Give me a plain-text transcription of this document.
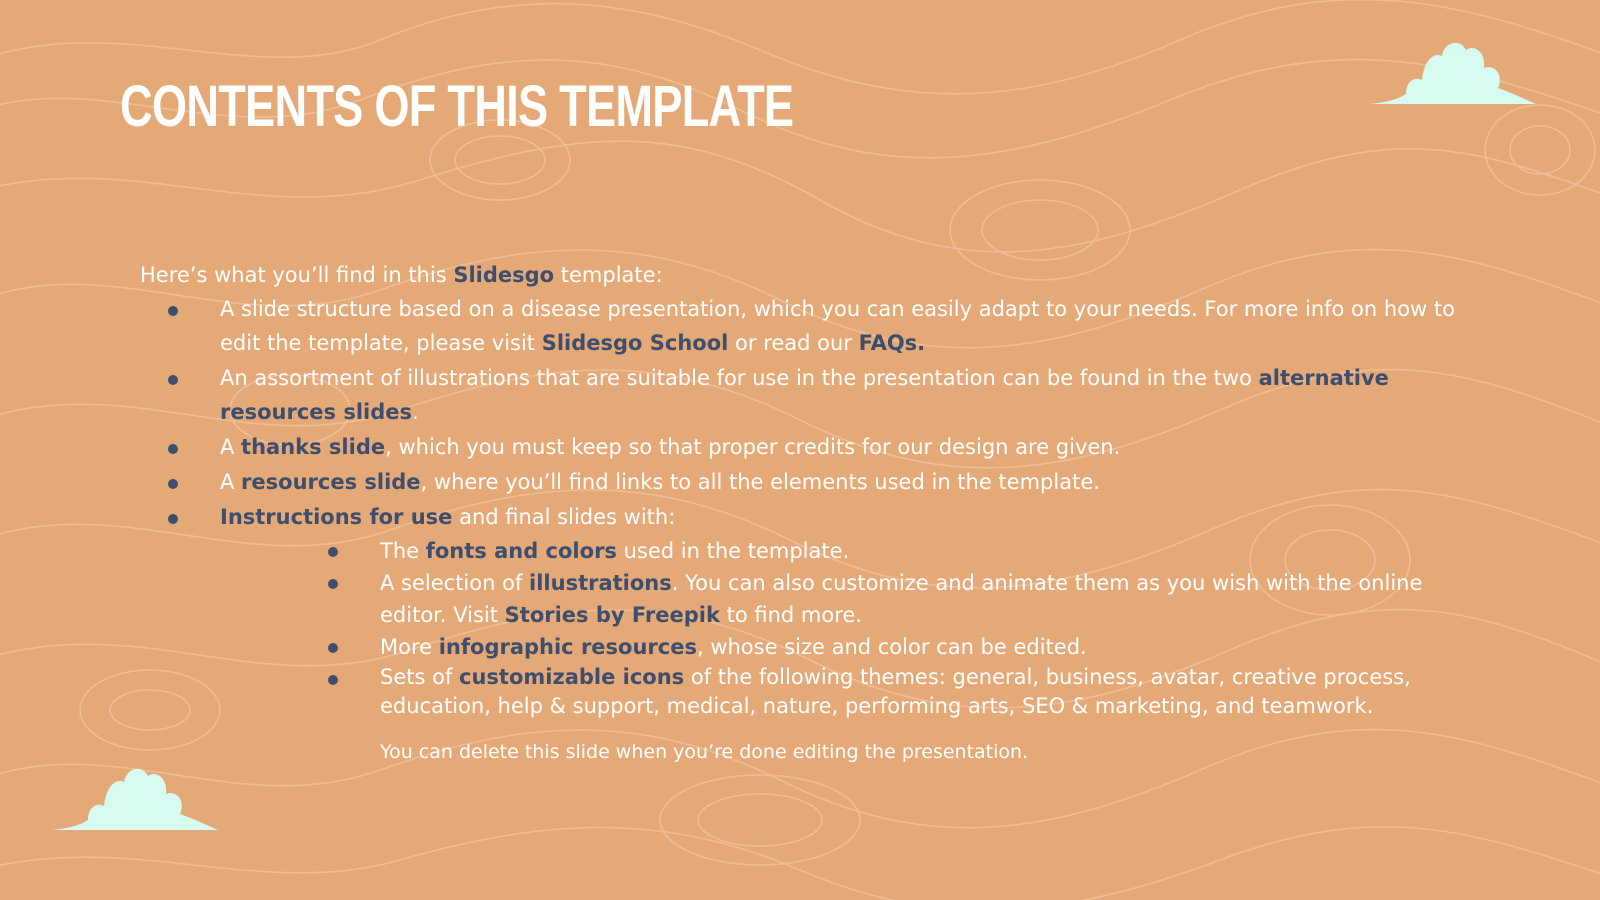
CONTENTS OF THIS TEMPLATE

Here’s what you’ll find in this Slidesgo template:

A slide structure based on a disease presentation, which you can easily adapt to your needs. For more info on how to edit the template, please visit Slidesgo School or read our FAQs.
An assortment of illustrations that are suitable for use in the presentation can be found in the two alternative resources slides.
A thanks slide, which you must keep so that proper credits for our design are given.
A resources slide, where you’ll find links to all the elements used in the template.
Instructions for use and final slides with:
The fonts and colors used in the template.
A selection of illustrations. You can also customize and animate them as you wish with the online editor. Visit Stories by Freepik to find more.
More infographic resources, whose size and color can be edited.
Sets of customizable icons of the following themes: general, business, avatar, creative process, education, help & support, medical, nature, performing arts, SEO & marketing, and teamwork.

You can delete this slide when you’re done editing the presentation.
